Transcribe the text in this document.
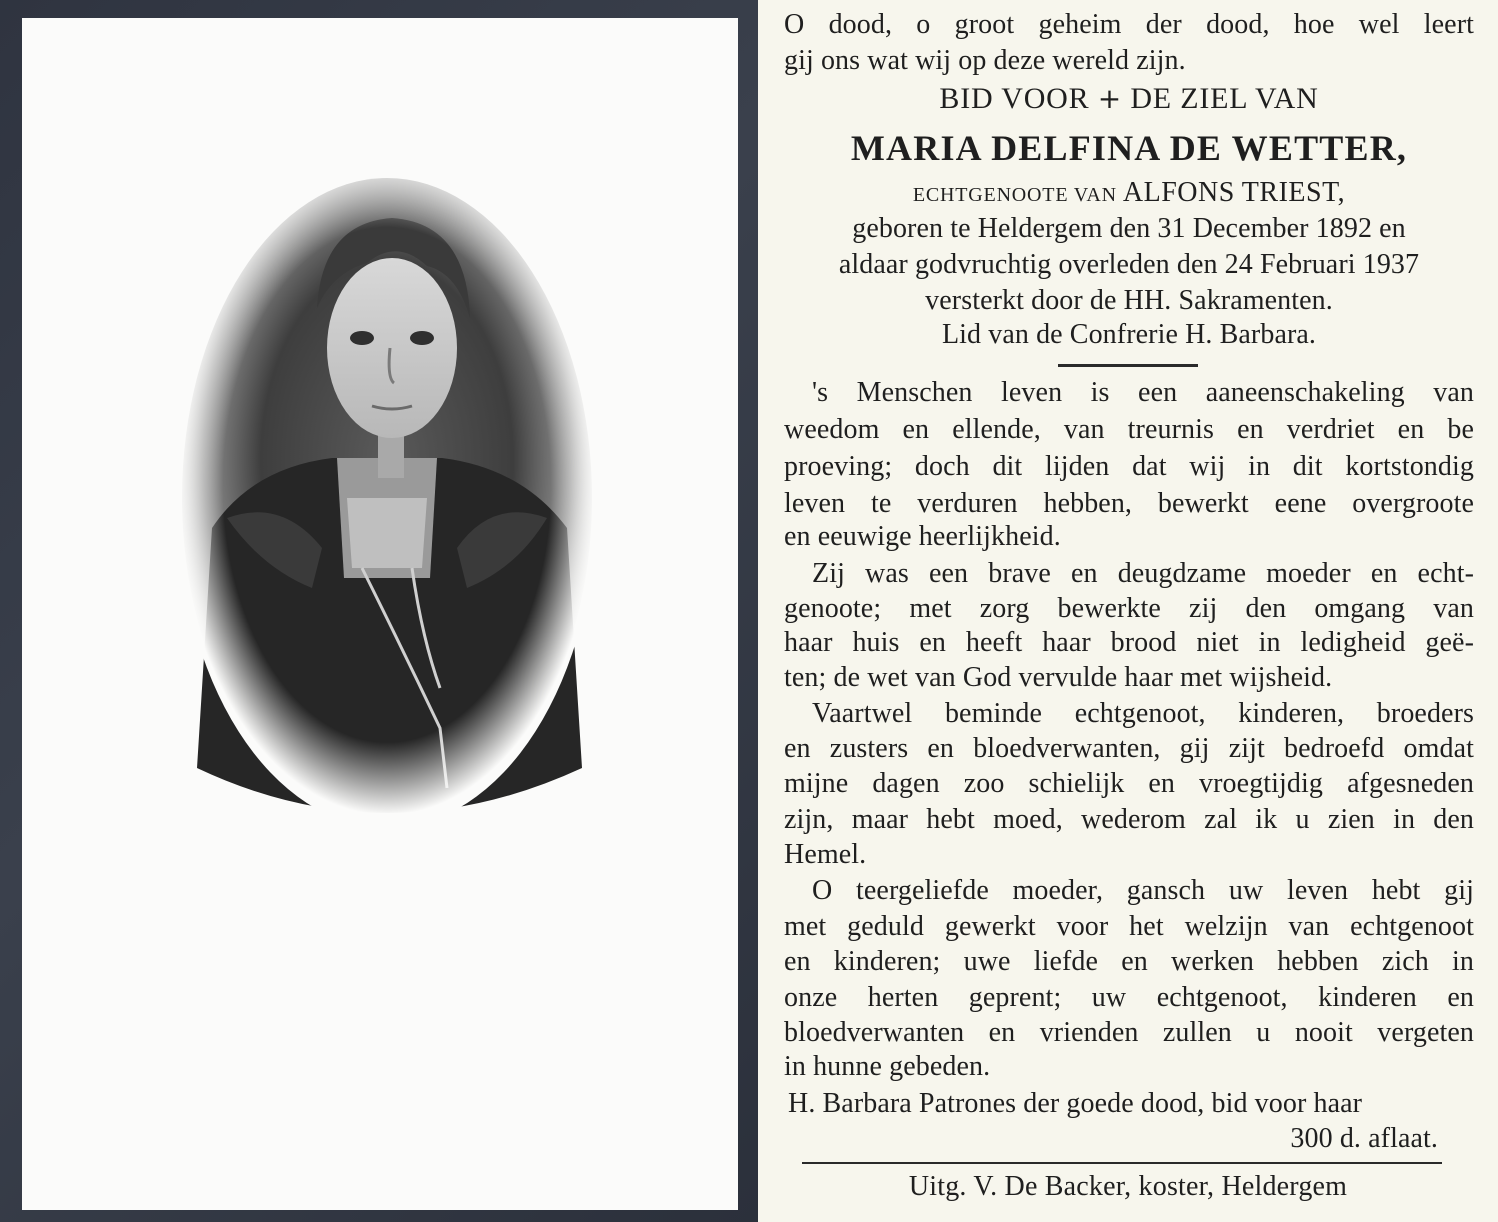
O dood, o groot geheim der dood, hoe wel leert
gij ons wat wij op deze wereld zijn.
BID VOOR + DE ZIEL VAN
MARIA DELFINA DE WETTER,
ECHTGENOOTE VAN ALFONS TRIEST,
geboren te Heldergem den 31 December 1892 en
aldaar godvruchtig overleden den 24 Februari 1937
versterkt door de HH. Sakramenten.
Lid van de Confrerie H. Barbara.
's Menschen leven is een aaneenschakeling van
weedom en ellende, van treurnis en verdriet en be
proeving; doch dit lijden dat wij in dit kortstondig
leven te verduren hebben, bewerkt eene overgroote
en eeuwige heerlijkheid.
Zij was een brave en deugdzame moeder en echt-
genoote; met zorg bewerkte zij den omgang van
haar huis en heeft haar brood niet in ledigheid geë-
ten; de wet van God vervulde haar met wijsheid.
Vaartwel beminde echtgenoot, kinderen, broeders
en zusters en bloedverwanten, gij zijt bedroefd omdat
mijne dagen zoo schielijk en vroegtijdig afgesneden
zijn, maar hebt moed, wederom zal ik u zien in den
Hemel.
O teergeliefde moeder, gansch uw leven hebt gij
met geduld gewerkt voor het welzijn van echtgenoot
en kinderen; uwe liefde en werken hebben zich in
onze herten geprent; uw echtgenoot, kinderen en
bloedverwanten en vrienden zullen u nooit vergeten
in hunne gebeden.
H. Barbara Patrones der goede dood, bid voor haar
300 d. aflaat.
Uitg. V. De Backer, koster, Heldergem
